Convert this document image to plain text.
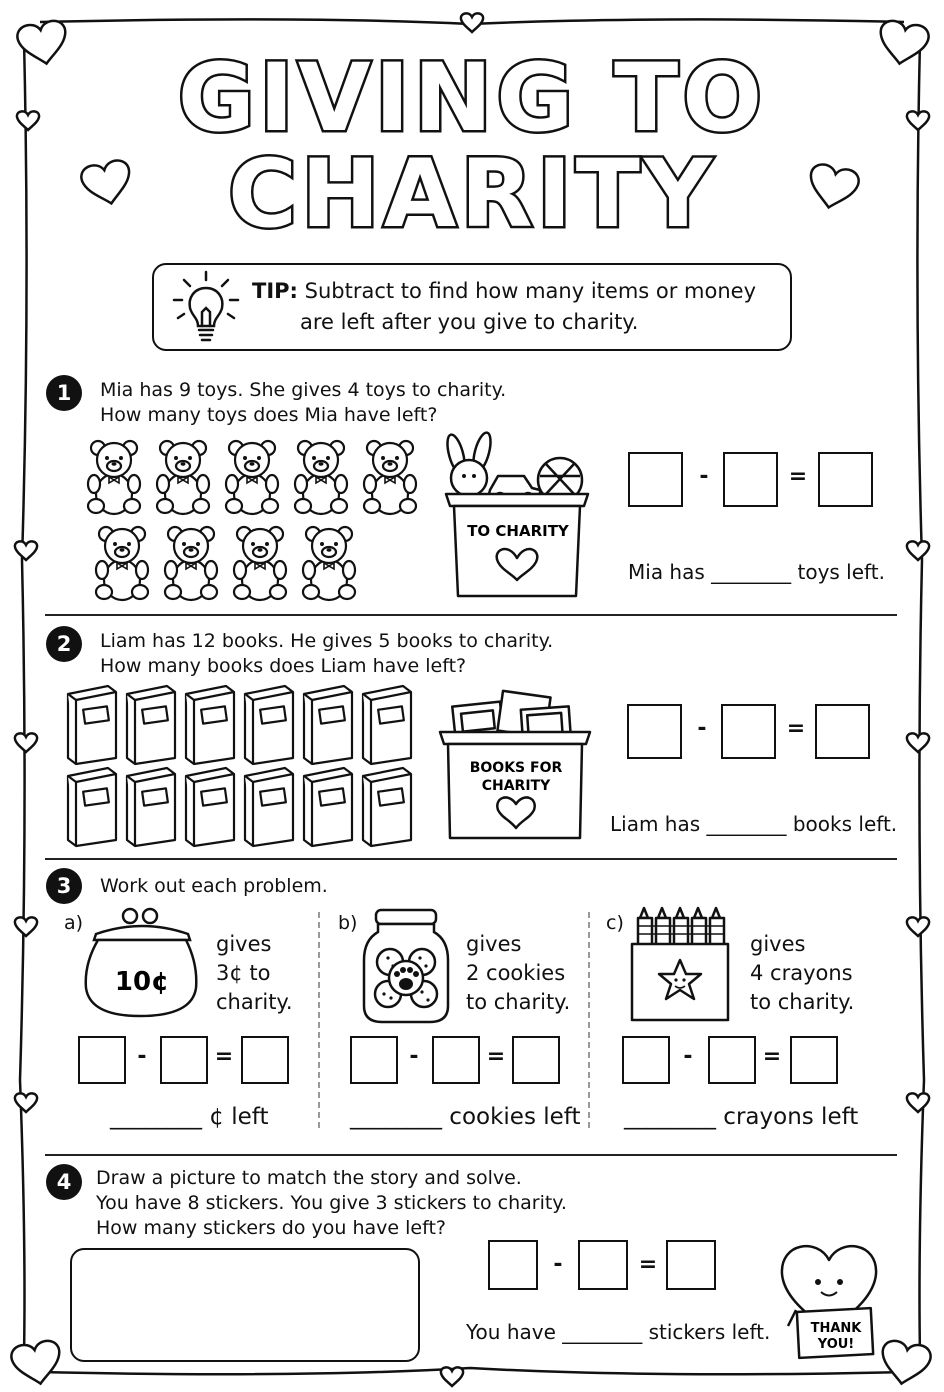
GIVING TO
CHARITY
TIP: Subtract to find how many items or money
are left after you give to charity.
1	Mia has 9 toys. She gives 4 toys to charity.
How many toys does Mia have left?
TO CHARITY
-	=
Mia has ________ toys left.
2	Liam has 12 books. He gives 5 books to charity.
How many books does Liam have left?
BOOKS FOR
CHARITY
-	=
Liam has ________ books left.
3	Work out each problem.
a)
10¢
gives
3¢ to
charity.
-	=
________ ¢ left
b)
gives
2 cookies
to charity.
-	=
________ cookies left
c)
gives
4 crayons
to charity.
-	=
________ crayons left
4	Draw a picture to match the story and solve.
You have 8 stickers. You give 3 stickers to charity.
How many stickers do you have left?
-	=
You have ________ stickers left.	THANK
YOU!
